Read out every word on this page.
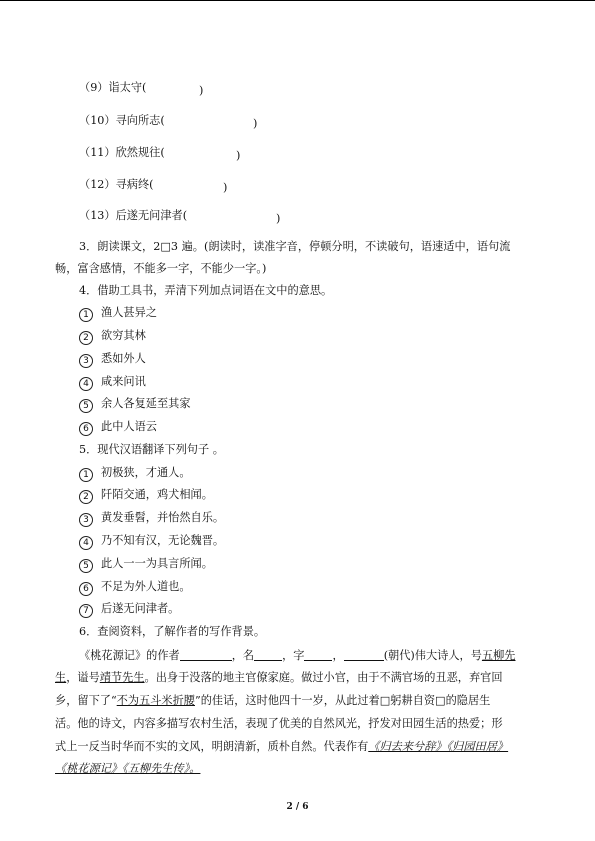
（9）诣太守(	)
（10）寻向所志(	)
（11）欣然规往(	)
（12）寻病终(	)
（13）后遂无问津者(	)
3．朗读课文，2□3 遍。(朗读时，读准字音，停顿分明，不读破句，语速适中，语句流
畅，富含感情，不能多一字，不能少一字。)
4．借助工具书，弄清下列加点词语在文中的意思。
1 渔人甚异之
2 欲穷其林
3 悉如外人
4 咸来问讯
5 余人各复延至其家
6 此中人语云
5．现代汉语翻译下列句子 。
1 初极狭，才通人。
2 阡陌交通，鸡犬相闻。
3 黄发垂髫，并怡然自乐。
4 乃不知有汉，无论魏晋。
5 此人一一为具言所闻。
6 不足为外人道也。
7 后遂无问津者。
6．查阅资料，了解作者的写作背景。
《桃花源记》的作者	，名	，字	，	(朝代)伟大诗人，号五柳先
生，谥号靖节先生。出身于没落的地主官僚家庭。做过小官，由于不满官场的丑恶，弃官回
乡，留下了“不为五斗米折腰”的佳话，这时他四十一岁，从此过着□躬耕自资□的隐居生
活。他的诗文，内容多描写农村生活，表现了优美的自然风光，抒发对田园生活的热爱；形
式上一反当时华而不实的文风，明朗清新，质朴自然。代表作有《归去来兮辞》《归园田居》
《桃花源记》《五柳先生传》。
2 / 6
